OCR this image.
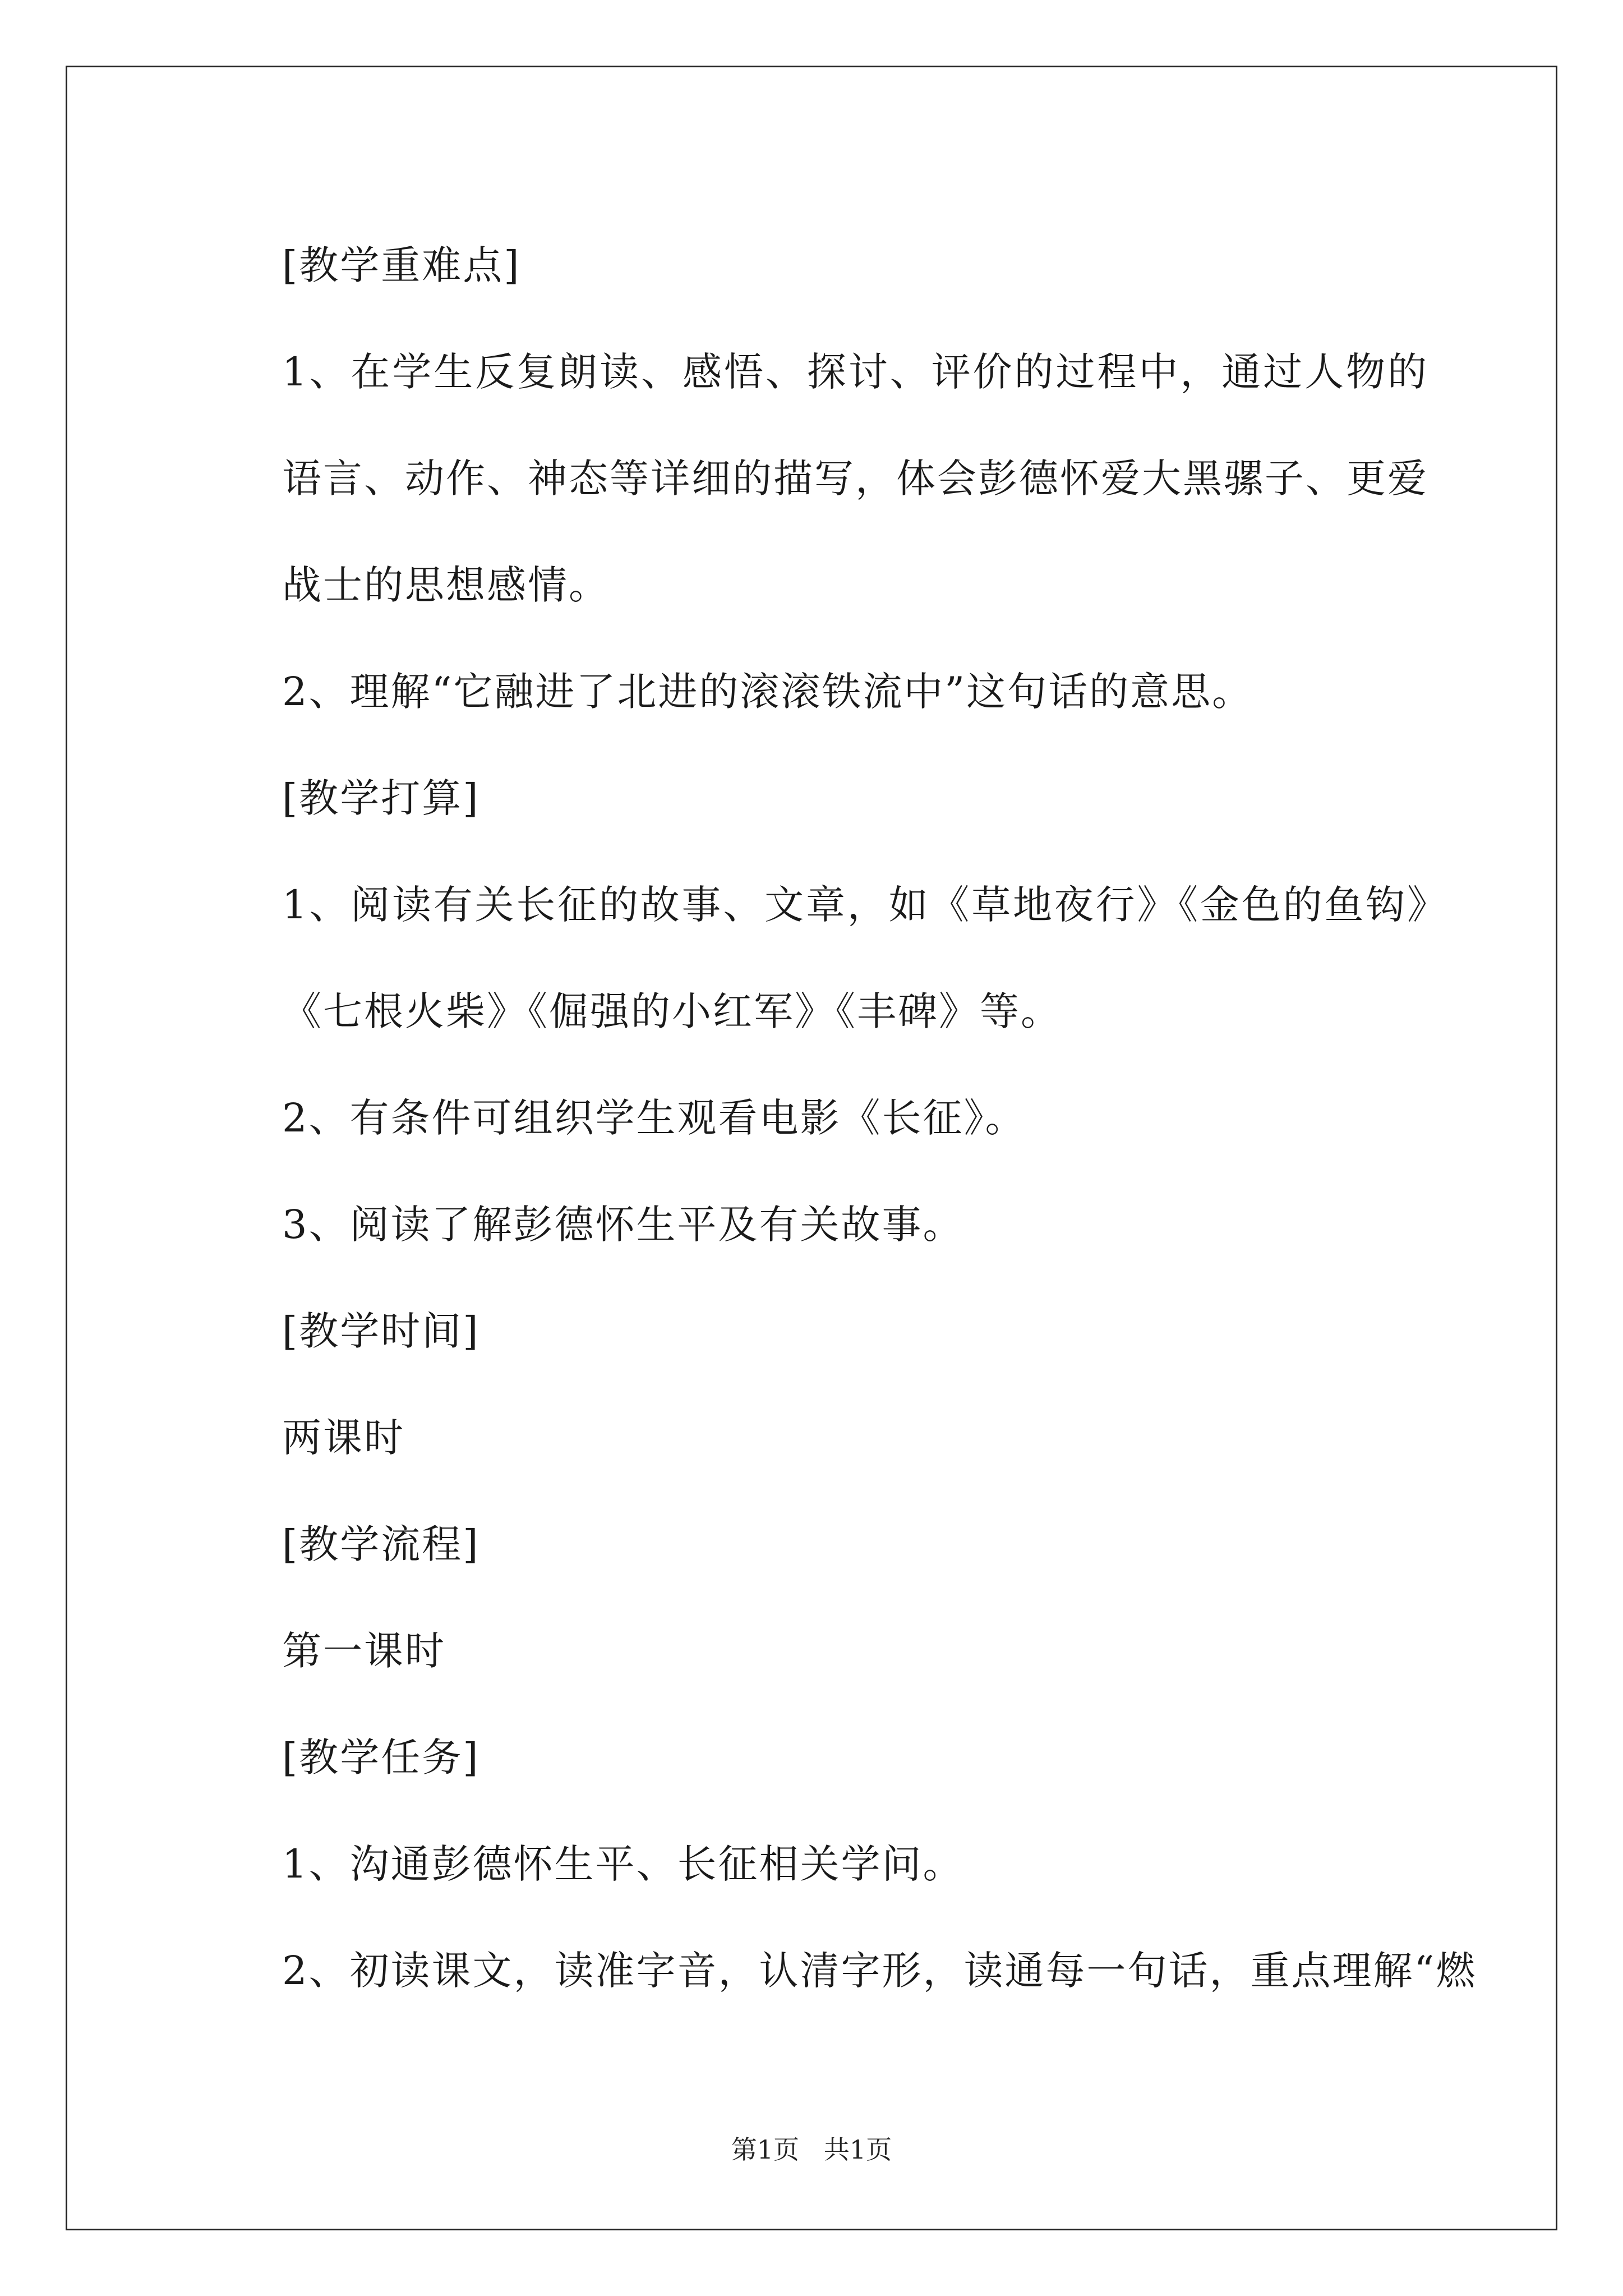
[教学重难点]

1、在学生反复朗读、感悟、探讨、评价的过程中，通过人物的语言、动作、神态等详细的描写，体会彭德怀爱大黑骡子、更爱战士的思想感情。

2、理解“它融进了北进的滚滚铁流中”这句话的意思。

[教学打算]

1、阅读有关长征的故事、文章，如《草地夜行》《金色的鱼钩》《七根火柴》《倔强的小红军》《丰碑》等。

2、有条件可组织学生观看电影《长征》。

3、阅读了解彭德怀生平及有关故事。

[教学时间]

两课时

[教学流程]

第一课时

[教学任务]

1、沟通彭德怀生平、长征相关学问。

2、初读课文，读准字音，认清字形，读通每一句话，重点理解“燃

第1页   共1页
